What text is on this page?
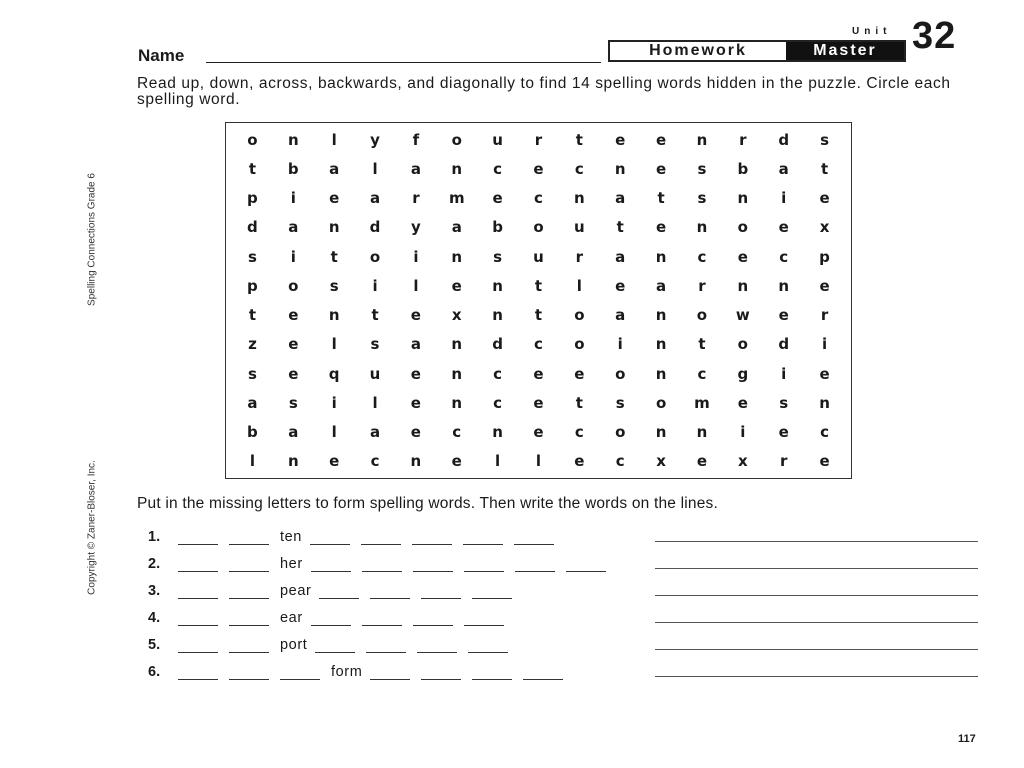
Name	Homework	Master
Unit 32
Read up, down, across, backwards, and diagonally to find 14 spelling words hidden in the puzzle. Circle each spelling word.
o	n	l	y	f	o	u	r	t	e	e	n	r	d	s
t	b	a	l	a	n	c	e	c	n	e	s	b	a	t
p	i	e	a	r	m	e	c	n	a	t	s	n	i	e
d	a	n	d	y	a	b	o	u	t	e	n	o	e	x
s	i	t	o	i	n	s	u	r	a	n	c	e	c	p
p	o	s	i	l	e	n	t	l	e	a	r	n	n	e
t	e	n	t	e	x	n	t	o	a	n	o	w	e	r
z	e	l	s	a	n	d	c	o	i	n	t	o	d	i
s	e	q	u	e	n	c	e	e	o	n	c	g	i	e
a	s	i	l	e	n	c	e	t	s	o	m	e	s	n
b	a	l	a	e	c	n	e	c	o	n	n	i	e	c
l	n	e	c	n	e	l	l	e	c	x	e	x	r	e
Spelling Connections Grade 6
Copyright © Zaner-Bloser, Inc.	Put in the missing letters to form spelling words. Then write the words on the lines.
1.	ten
2.	her
3.	pear
4.	ear
5.	port
6.	form
117
